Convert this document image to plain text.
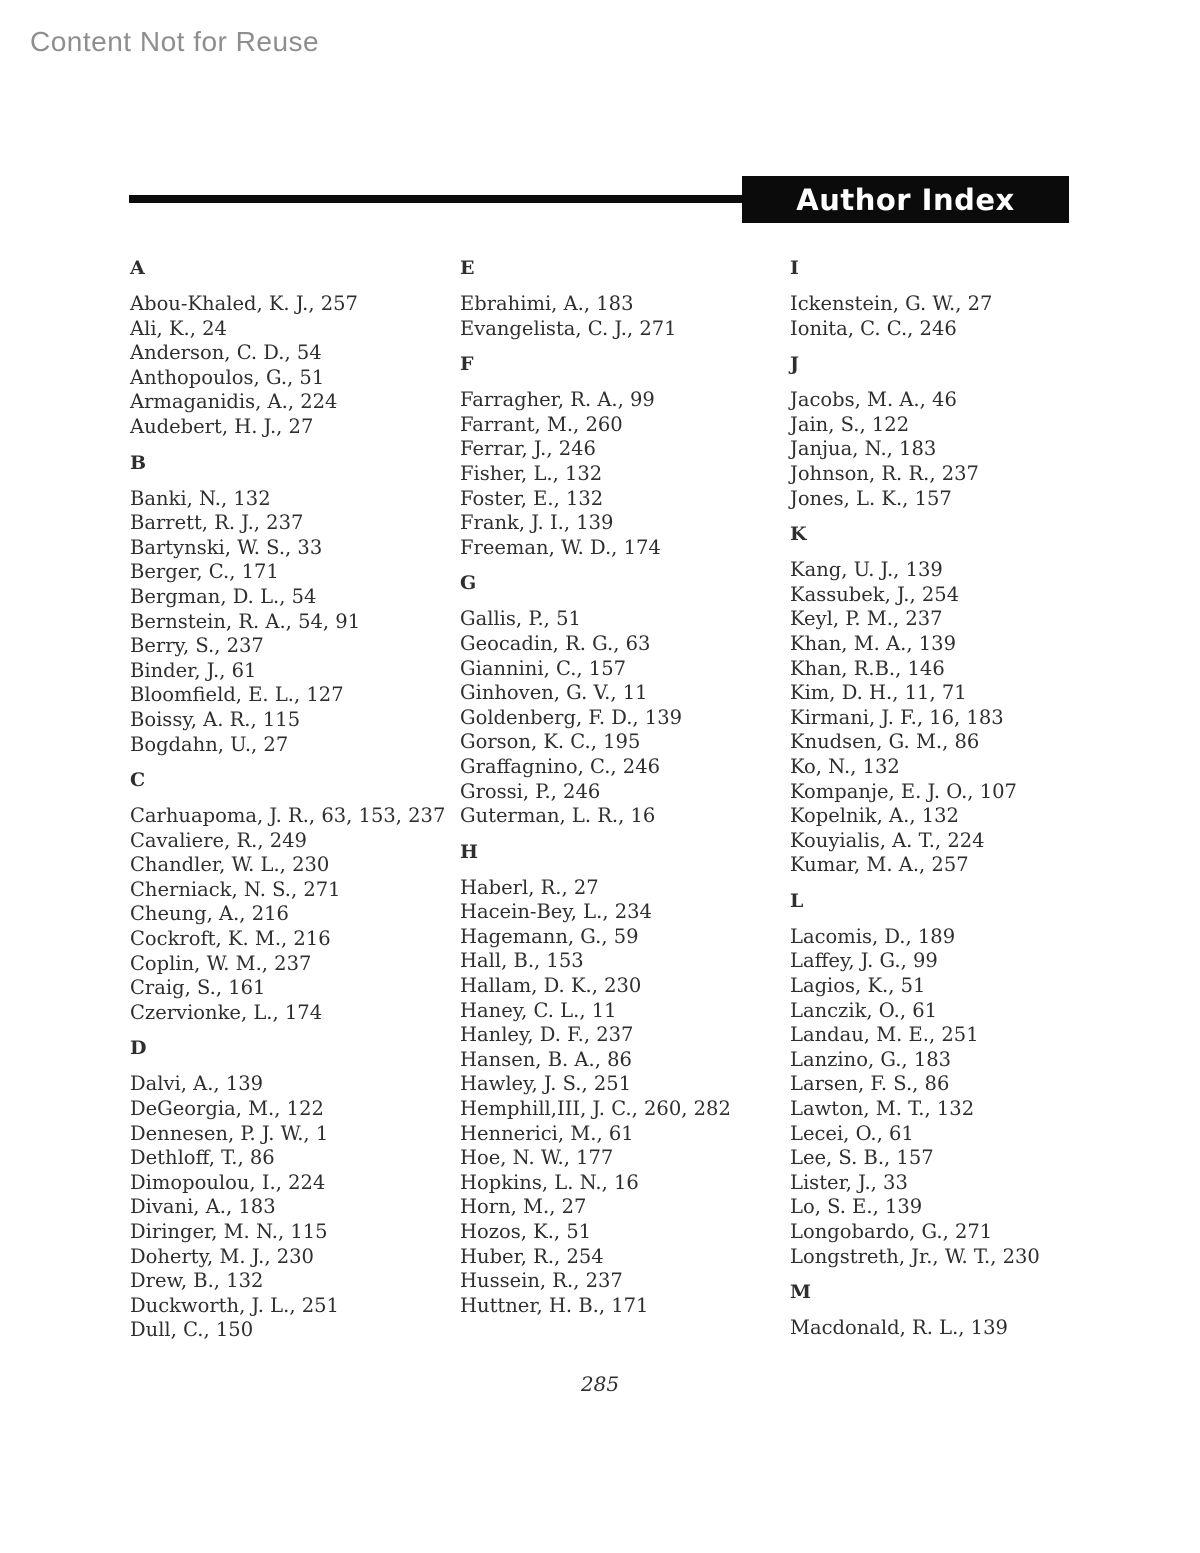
Content Not for Reuse
Author Index
A
Abou-Khaled, K. J., 257
Ali, K., 24
Anderson, C. D., 54
Anthopoulos, G., 51
Armaganidis, A., 224
Audebert, H. J., 27
B
Banki, N., 132
Barrett, R. J., 237
Bartynski, W. S., 33
Berger, C., 171
Bergman, D. L., 54
Bernstein, R. A., 54, 91
Berry, S., 237
Binder, J., 61
Bloomfield, E. L., 127
Boissy, A. R., 115
Bogdahn, U., 27
C
Carhuapoma, J. R., 63, 153, 237
Cavaliere, R., 249
Chandler, W. L., 230
Cherniack, N. S., 271
Cheung, A., 216
Cockroft, K. M., 216
Coplin, W. M., 237
Craig, S., 161
Czervionke, L., 174
D
Dalvi, A., 139
DeGeorgia, M., 122
Dennesen, P. J. W., 1
Dethloff, T., 86
Dimopoulou, I., 224
Divani, A., 183
Diringer, M. N., 115
Doherty, M. J., 230
Drew, B., 132
Duckworth, J. L., 251
Dull, C., 150
E
Ebrahimi, A., 183
Evangelista, C. J., 271
F
Farragher, R. A., 99
Farrant, M., 260
Ferrar, J., 246
Fisher, L., 132
Foster, E., 132
Frank, J. I., 139
Freeman, W. D., 174
G
Gallis, P., 51
Geocadin, R. G., 63
Giannini, C., 157
Ginhoven, G. V., 11
Goldenberg, F. D., 139
Gorson, K. C., 195
Graffagnino, C., 246
Grossi, P., 246
Guterman, L. R., 16
H
Haberl, R., 27
Hacein-Bey, L., 234
Hagemann, G., 59
Hall, B., 153
Hallam, D. K., 230
Haney, C. L., 11
Hanley, D. F., 237
Hansen, B. A., 86
Hawley, J. S., 251
Hemphill,III, J. C., 260, 282
Hennerici, M., 61
Hoe, N. W., 177
Hopkins, L. N., 16
Horn, M., 27
Hozos, K., 51
Huber, R., 254
Hussein, R., 237
Huttner, H. B., 171
I
Ickenstein, G. W., 27
Ionita, C. C., 246
J
Jacobs, M. A., 46
Jain, S., 122
Janjua, N., 183
Johnson, R. R., 237
Jones, L. K., 157
K
Kang, U. J., 139
Kassubek, J., 254
Keyl, P. M., 237
Khan, M. A., 139
Khan, R.B., 146
Kim, D. H., 11, 71
Kirmani, J. F., 16, 183
Knudsen, G. M., 86
Ko, N., 132
Kompanje, E. J. O., 107
Kopelnik, A., 132
Kouyialis, A. T., 224
Kumar, M. A., 257
L
Lacomis, D., 189
Laffey, J. G., 99
Lagios, K., 51
Lanczik, O., 61
Landau, M. E., 251
Lanzino, G., 183
Larsen, F. S., 86
Lawton, M. T., 132
Lecei, O., 61
Lee, S. B., 157
Lister, J., 33
Lo, S. E., 139
Longobardo, G., 271
Longstreth, Jr., W. T., 230
M
Macdonald, R. L., 139
285
